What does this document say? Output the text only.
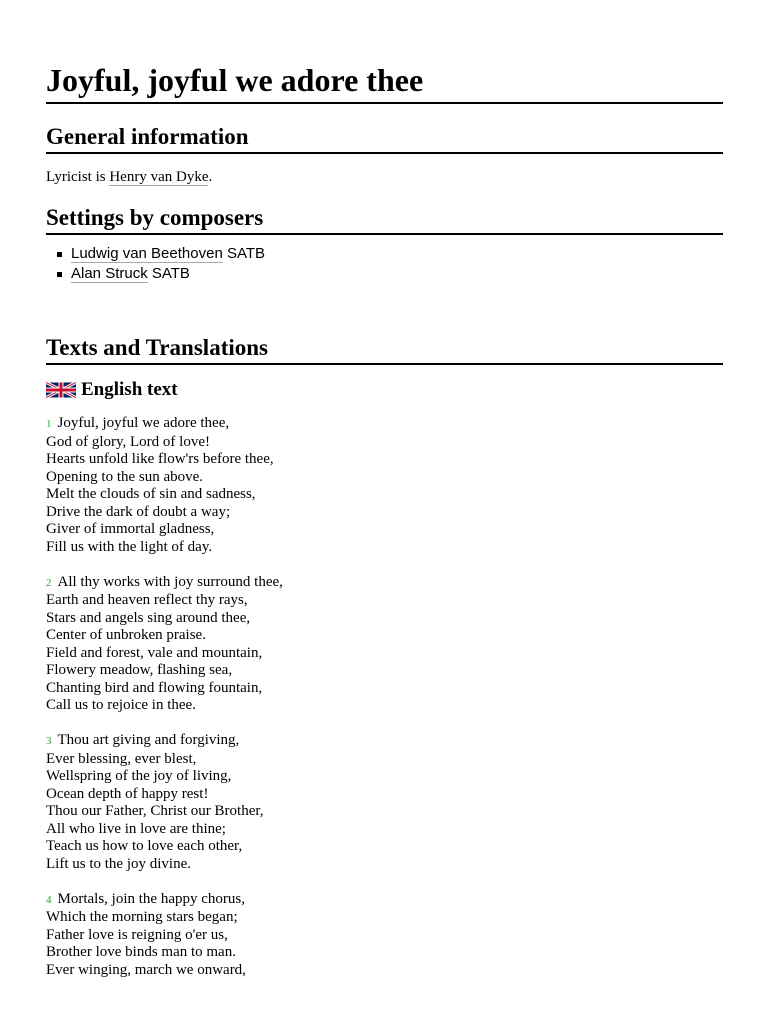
Joyful, joyful we adore thee
General information
Lyricist is Henry van Dyke.
Settings by composers
Ludwig van Beethoven SATB
Alan Struck SATB
Texts and Translations
English text
1 Joyful, joyful we adore thee,
God of glory, Lord of love!
Hearts unfold like flow'rs before thee,
Opening to the sun above.
Melt the clouds of sin and sadness,
Drive the dark of doubt a way;
Giver of immortal gladness,
Fill us with the light of day.
2 All thy works with joy surround thee,
Earth and heaven reflect thy rays,
Stars and angels sing around thee,
Center of unbroken praise.
Field and forest, vale and mountain,
Flowery meadow, flashing sea,
Chanting bird and flowing fountain,
Call us to rejoice in thee.
3 Thou art giving and forgiving,
Ever blessing, ever blest,
Wellspring of the joy of living,
Ocean depth of happy rest!
Thou our Father, Christ our Brother,
All who live in love are thine;
Teach us how to love each other,
Lift us to the joy divine.
4 Mortals, join the happy chorus,
Which the morning stars began;
Father love is reigning o'er us,
Brother love binds man to man.
Ever winging, march we onward,
